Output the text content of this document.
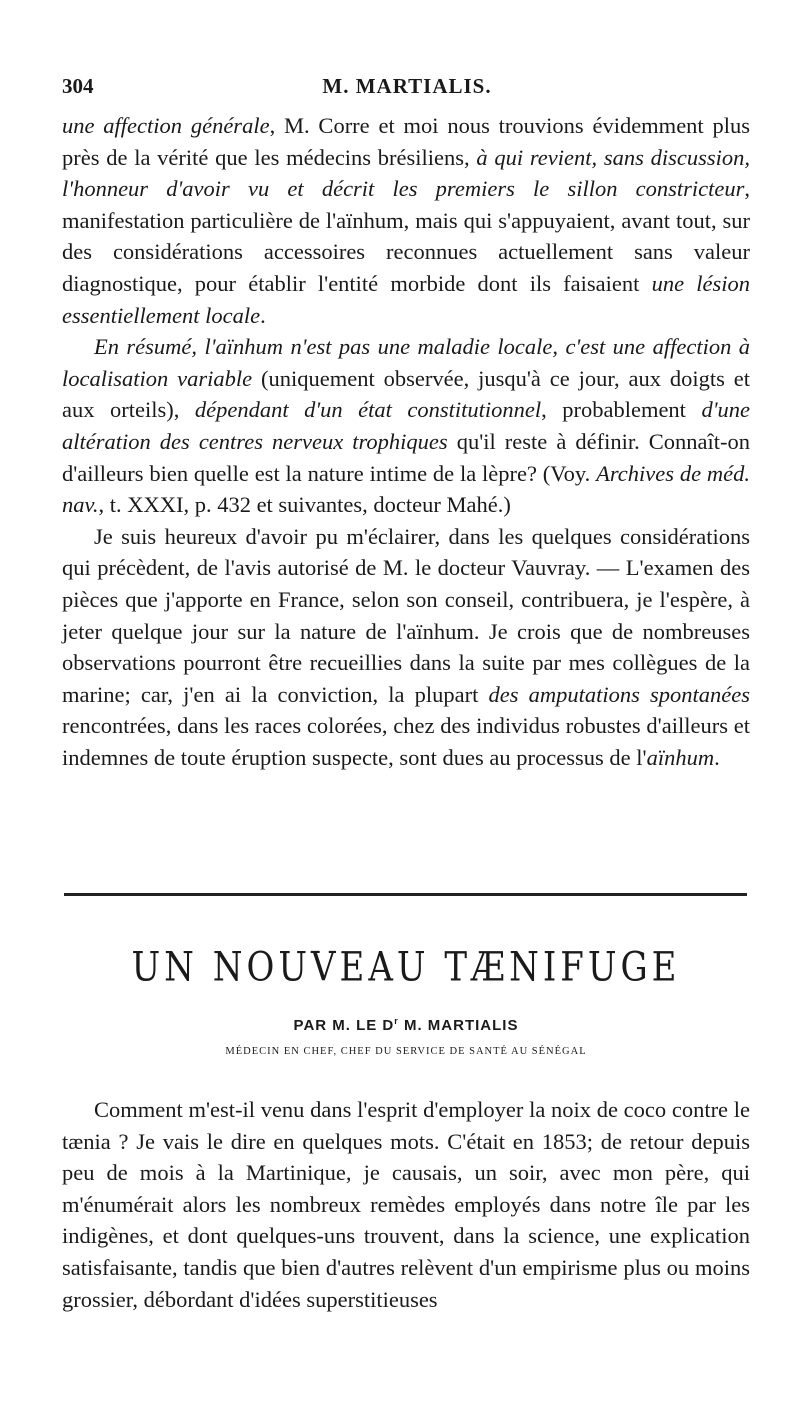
304	M. MARTIALIS.

une affection générale, M. Corre et moi nous trouvions évidemment plus près de la vérité que les médecins brésiliens, à qui revient, sans discussion, l'honneur d'avoir vu et décrit les premiers le sillon constricteur, manifestation particulière de l'aïnhum, mais qui s'appuyaient, avant tout, sur des considérations accessoires reconnues actuellement sans valeur diagnostique, pour établir l'entité morbide dont ils faisaient une lésion essentiellement locale.

En résumé, l'aïnhum n'est pas une maladie locale, c'est une affection à localisation variable (uniquement observée, jusqu'à ce jour, aux doigts et aux orteils), dépendant d'un état constitutionnel, probablement d'une altération des centres nerveux trophiques qu'il reste à définir. Connaît-on d'ailleurs bien quelle est la nature intime de la lèpre? (Voy. Archives de méd. nav., t. XXXI, p. 432 et suivantes, docteur Mahé.)

Je suis heureux d'avoir pu m'éclairer, dans les quelques considérations qui précèdent, de l'avis autorisé de M. le docteur Vauvray. — L'examen des pièces que j'apporte en France, selon son conseil, contribuera, je l'espère, à jeter quelque jour sur la nature de l'aïnhum. Je crois que de nombreuses observations pourront être recueillies dans la suite par mes collègues de la marine; car, j'en ai la conviction, la plupart des amputations spontanées rencontrées, dans les races colorées, chez des individus robustes d'ailleurs et indemnes de toute éruption suspecte, sont dues au processus de l'aïnhum.

UN NOUVEAU TÆNIFUGE
PAR M. LE $D^r$ M. MARTIALIS
MÉDECIN EN CHEF, CHEF DU SERVICE DE SANTÉ AU SÉNÉGAL

Comment m'est-il venu dans l'esprit d'employer la noix de coco contre le tænia ? Je vais le dire en quelques mots. C'était en 1853; de retour depuis peu de mois à la Martinique, je causais, un soir, avec mon père, qui m'énumérait alors les nombreux remèdes employés dans notre île par les indigènes, et dont quelques-uns trouvent, dans la science, une explication satisfaisante, tandis que bien d'autres relèvent d'un empirisme plus ou moins grossier, débordant d'idées superstitieuses
